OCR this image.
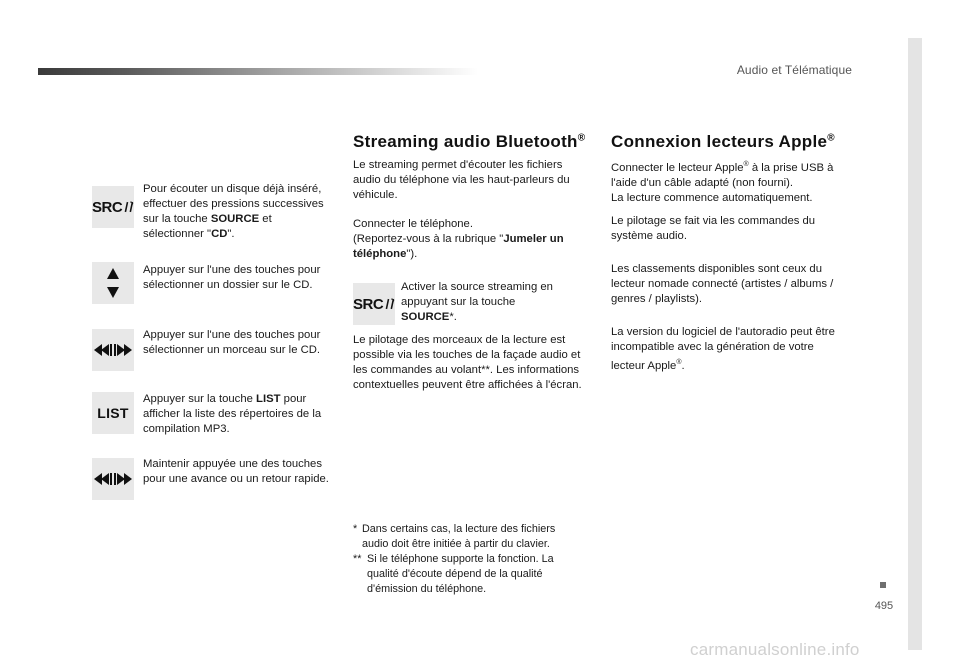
Audio et Télématique
495
SRC
Pour écouter un disque déjà inséré, effectuer des pressions successives sur la touche SOURCE et sélectionner "CD".
Appuyer sur l'une des touches pour sélectionner un dossier sur le CD.
Appuyer sur l'une des touches pour sélectionner un morceau sur le CD.
LIST
Appuyer sur la touche LIST pour afficher la liste des répertoires de la compilation MP3.
Maintenir appuyée une des touches pour une avance ou un retour rapide.
Streaming audio Bluetooth®
Le streaming permet d'écouter les fichiers audio du téléphone via les haut-parleurs du véhicule.
Connecter le téléphone.
(Reportez-vous à la rubrique "Jumeler un téléphone").
SRC
Activer la source streaming en appuyant sur la touche SOURCE*.
Le pilotage des morceaux de la lecture est possible via les touches de la façade audio et les commandes au volant**. Les informations contextuelles peuvent être affichées à l'écran.
* Dans certains cas, la lecture des fichiers audio doit être initiée à partir du clavier.
** Si le téléphone supporte la fonction. La qualité d'écoute dépend de la qualité d'émission du téléphone.
Connexion lecteurs Apple®
Connecter le lecteur Apple® à la prise USB à l'aide d'un câble adapté (non fourni).
La lecture commence automatiquement.
Le pilotage se fait via les commandes du système audio.
Les classements disponibles sont ceux du lecteur nomade connecté (artistes / albums / genres / playlists).
La version du logiciel de l'autoradio peut être incompatible avec la génération de votre lecteur Apple®.
carmanualsonline.info
